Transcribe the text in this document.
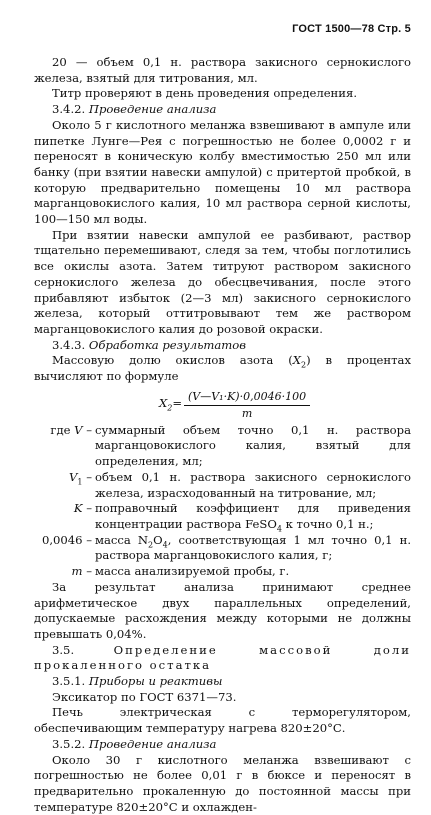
ГОСТ 1500—78 Стр. 5

20 — объем 0,1 н. раствора закисного сернокислого железа, взятый для титрования, мл.

Титр проверяют в день проведения определения.

3.4.2. Проведение анализа

Около 5 г кислотного меланжа взвешивают в ампуле или пипетке Лунге—Рея с погрешностью не более 0,0002 г и переносят в коническую колбу вместимостью 250 мл или банку (при взятии навески ампулой) с притертой пробкой, в которую предварительно помещены 10 мл раствора марганцовокислого калия, 10 мл раствора серной кислоты, 100—150 мл воды.

При взятии навески ампулой ее разбивают, раствор тщательно перемешивают, следя за тем, чтобы поглотились все окислы азота. Затем титруют раствором закисного сернокислого железа до обесцвечивания, после этого прибавляют избыток (2—3 мл) закисного сернокислого железа, который оттитровывают тем же раствором марганцовокислого калия до розовой окраски.

3.4.3. Обработка результатов

Массовую долю окислов азота $(X_2)$ в процентах вычисляют по формуле

$X_2= \frac{\text{(V—V₁·K)·0,0046·100}}{m}$
где V – суммарный объем точно 0,1 н. раствора марганцовокислого калия, взятый для определения, мл;
$V_1$ – объем 0,1 н. раствора закисного сернокислого железа, израсходованный на титрование, мл;
K – поправочный коэффициент для приведения концентрации раствора FeSO$_4$ к точно 0,1 н.;
0,0046 – масса $N_2O_4$, соответствующая 1 мл точно 0,1 н. раствора марганцовокислого калия, г;
m – масса анализируемой пробы, г.

За результат анализа принимают среднее арифметическое двух параллельных определений, допускаемые расхождения между которыми не должны превышать 0,04%.

3.5.	Определение массовой доли прокаленного остатка

3.5.1. Приборы и реактивы

Эксикатор по ГОСТ 6371—73.

Печь электрическая с терморегулятором, обеспечивающим температуру нагрева 820±20°С.

3.5.2. Проведение анализа

Около 30 г кислотного меланжа взвешивают с погрешностью не более 0,01 г в бюксе и переносят в предварительно прокаленную до постоянной массы при температуре 820±20°С и охлажден-
